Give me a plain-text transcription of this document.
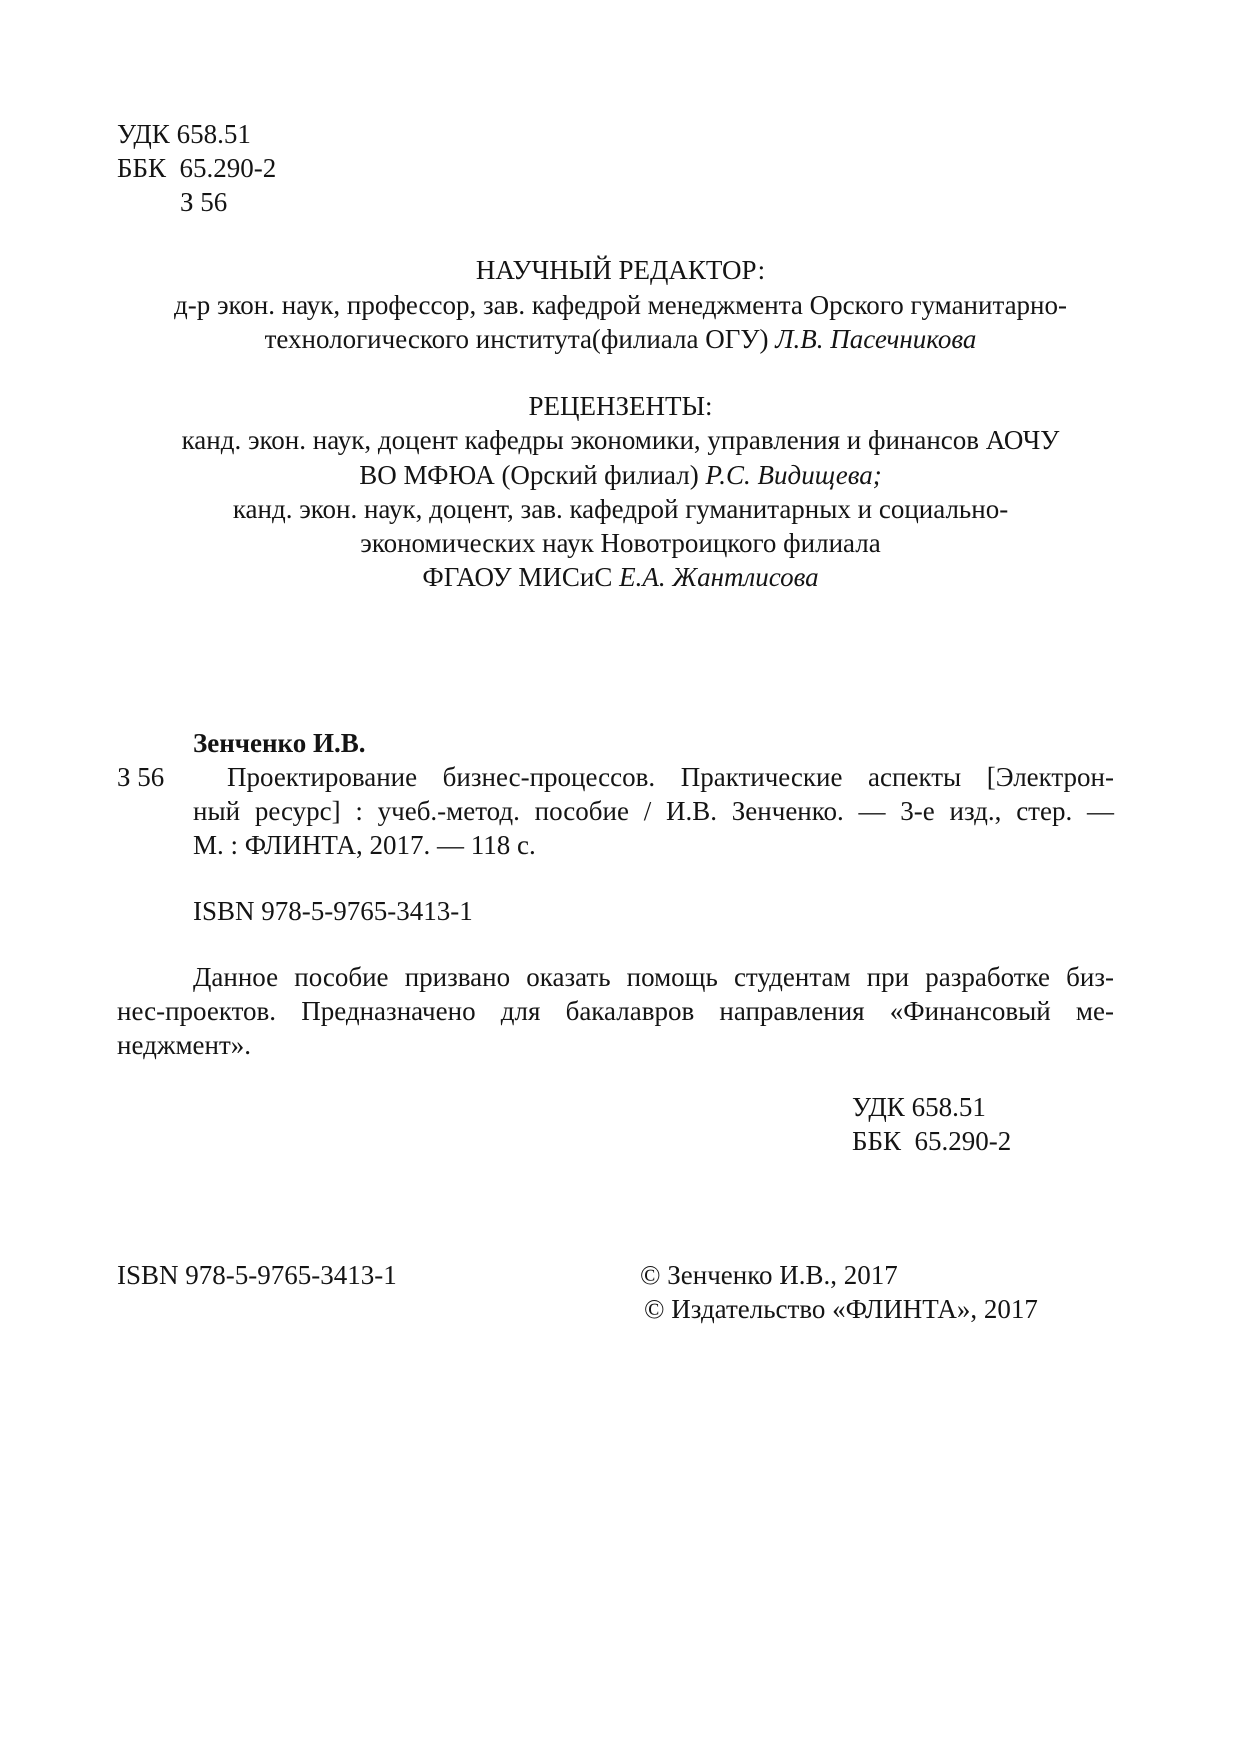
УДК 658.51
ББК  65.290-2
З 56
НАУЧНЫЙ РЕДАКТОР:
д-р экон. наук, профессор, зав. кафедрой менеджмента Орского гуманитарно-
технологического института(филиала ОГУ) Л.В. Пасечникова
РЕЦЕНЗЕНТЫ:
канд. экон. наук, доцент кафедры экономики, управления и финансов АОЧУ
ВО МФЮА (Орский филиал) Р.С. Видищева;
канд. экон. наук, доцент, зав. кафедрой гуманитарных и социально-
экономических наук Новотроицкого филиала
ФГАОУ МИСиС Е.А. Жантлисова
Зенченко И.В.
З 56 Проектирование бизнес-процессов. Практические аспекты [Электрон-
ный ресурс] : учеб.-метод. пособие / И.В. Зенченко. — 3-е изд., стер. —
М. : ФЛИНТА, 2017. — 118 с.
ISBN 978-5-9765-3413-1
Данное пособие призвано оказать помощь студентам при разработке биз-
нес-проектов. Предназначено для бакалавров направления «Финансовый ме-
неджмент».
УДК 658.51
ББК  65.290-2
ISBN 978-5-9765-3413-1	© Зенченко И.В., 2017
© Издательство «ФЛИНТА», 2017
